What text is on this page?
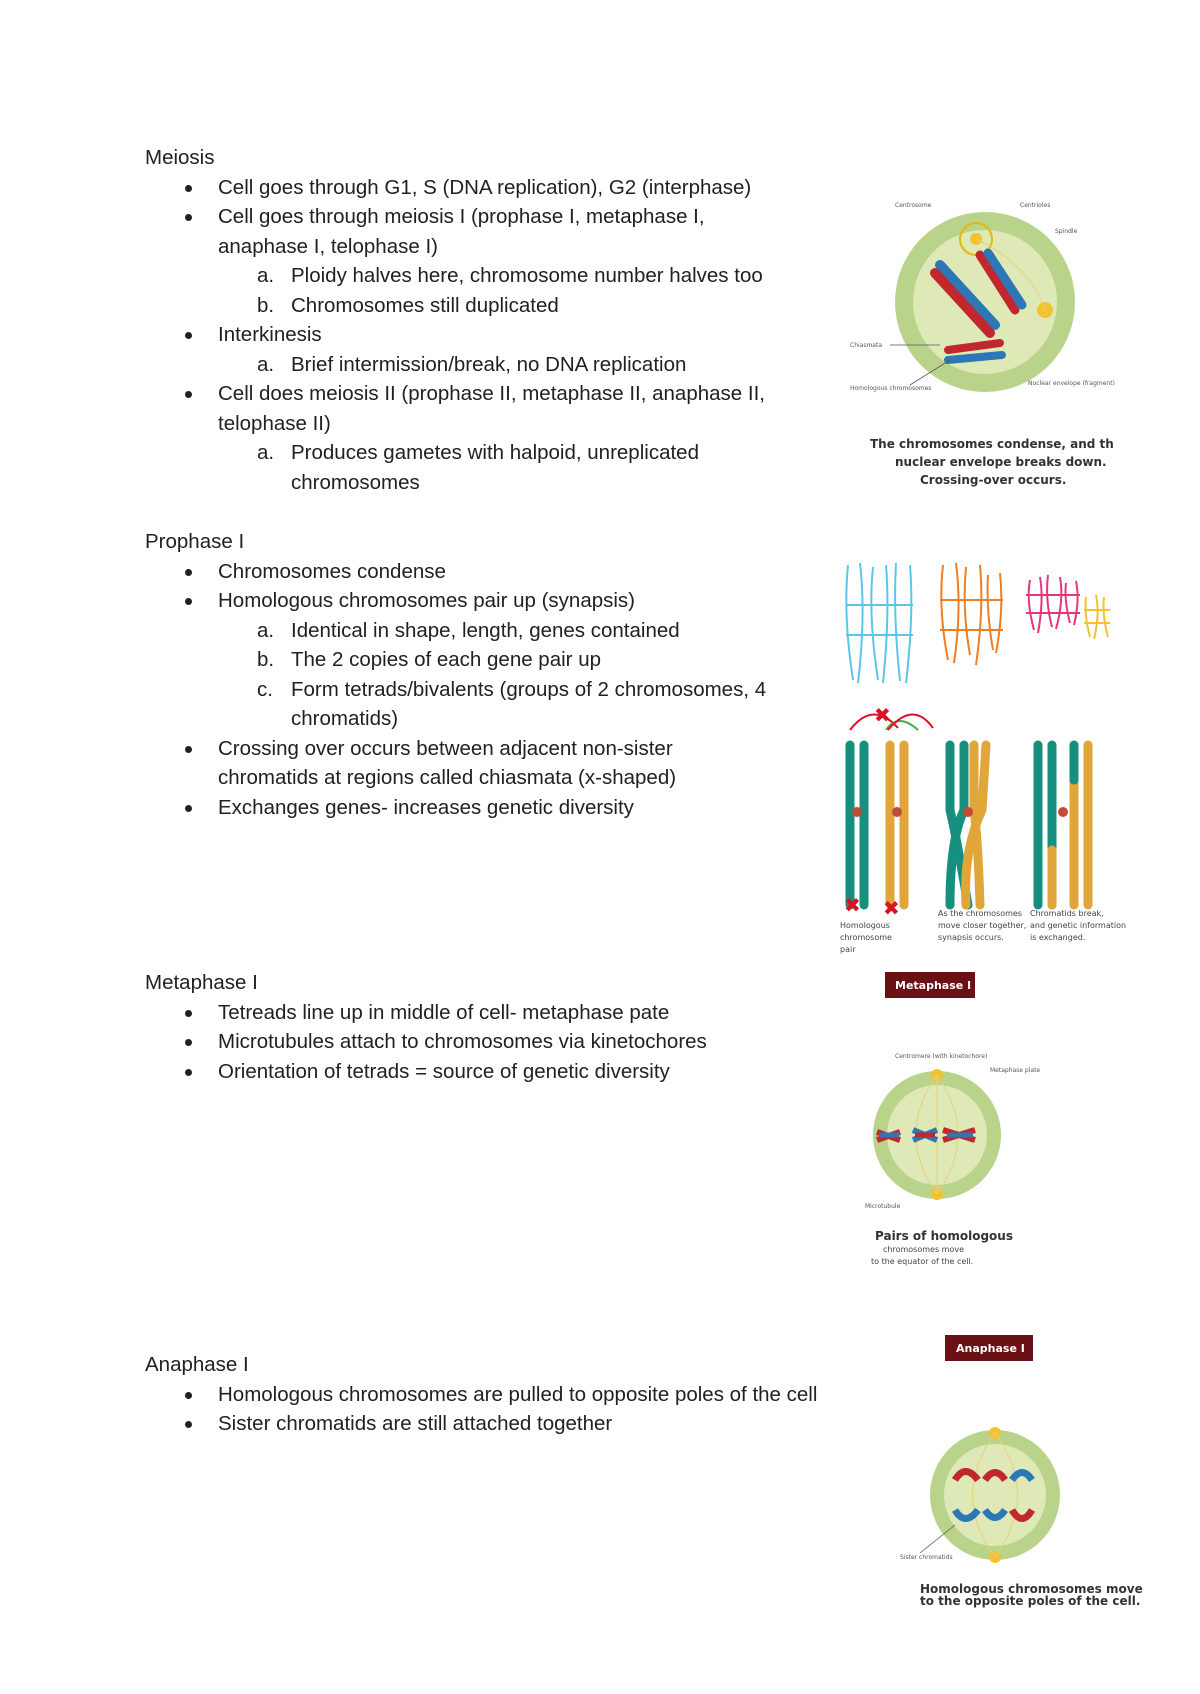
Meiosis

Cell goes through G1, S (DNA replication), G2 (interphase)
Cell goes through meiosis I (prophase I, metaphase I, anaphase I, telophase I)
a. Ploidy halves here, chromosome number halves too
b. Chromosomes still duplicated
Interkinesis
a. Brief intermission/break, no DNA replication
Cell does meiosis II (prophase II, metaphase II, anaphase II, telophase II)
a. Produces gametes with halpoid, unreplicated chromosomes

Prophase I

Chromosomes condense
Homologous chromosomes pair up (synapsis)
a. Identical in shape, length, genes contained
b. The 2 copies of each gene pair up
c. Form tetrads/bivalents (groups of 2 chromosomes, 4 chromatids)
Crossing over occurs between adjacent non-sister chromatids at regions called chiasmata (x-shaped)
Exchanges genes- increases genetic diversity

Metaphase I

Tetreads line up in middle of cell- metaphase pate
Microtubules attach to chromosomes via kinetochores
Orientation of tetrads = source of genetic diversity

Anaphase I

Homologous chromosomes are pulled to opposite poles of the cell
Sister chromatids are still attached together
Centrosome	Centrioles
Spindle
Chiasmata
Homologous chromosomes
Nuclear envelope (fragment)
The chromosomes condense, and th
nuclear envelope breaks down.
Crossing-over occurs.
✖
✖ ✖
Homologous
chromosome
As the chromosomes
move closer together,
synapsis occurs.
Chromatids break,
and genetic information
is exchanged.
pair
Metaphase I
Centromere (with kinetochore)
Metaphase plate
Microtubule
Pairs of homologous
chromosomes move
to the equator of the cell.
Anaphase I
Sister chromatids
Homologous chromosomes move
to the opposite poles of the cell.
